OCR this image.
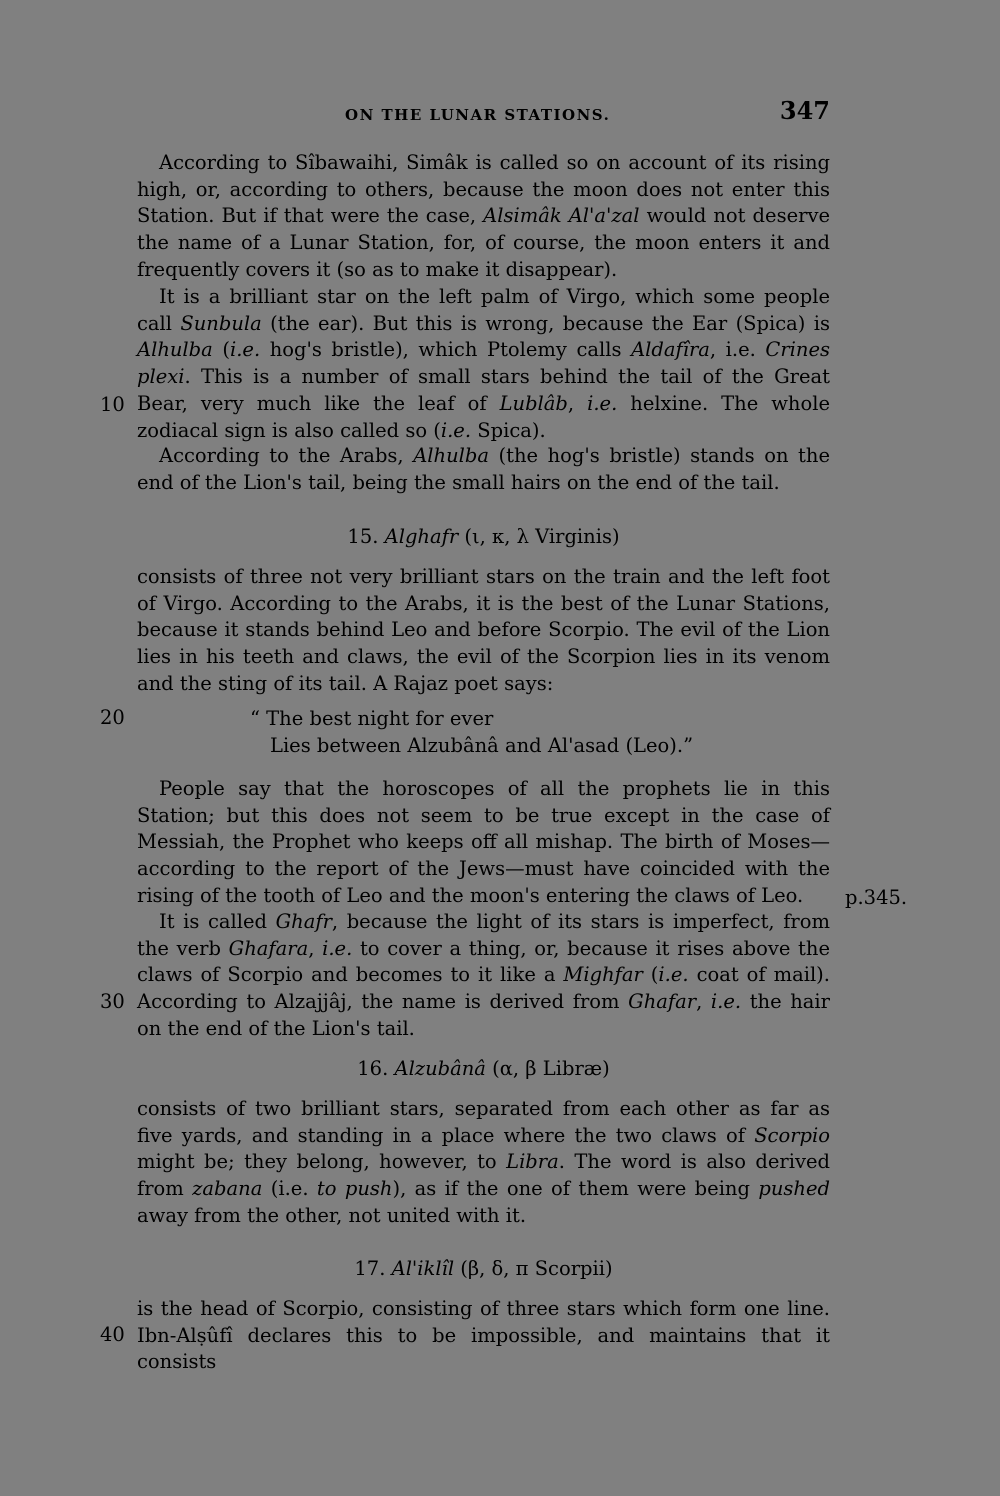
ON THE LUNAR STATIONS.	347

According to Sîbawaihi, Simâk is called so on account of its rising high, or, according to others, because the moon does not enter this Station. But if that were the case, Alsimâk Al'a'zal would not deserve the name of a Lunar Station, for, of course, the moon enters it and frequently covers it (so as to make it disappear).

It is a brilliant star on the left palm of Virgo, which some people call Sunbula (the ear). But this is wrong, because the Ear (Spica) is Alhulba (i.e. hog's bristle), which Ptolemy calls Aldafîra, i.e. Crines plexi. This is a number of small stars behind the tail of the Great Bear, very much like the leaf of Lublâb, i.e. helxine. The whole zodiacal sign is also called so (i.e. Spica).

According to the Arabs, Alhulba (the hog's bristle) stands on the end of the Lion's tail, being the small hairs on the end of the tail.

15. Alghafr (ι, κ, λ Virginis)

consists of three not very brilliant stars on the train and the left foot of Virgo. According to the Arabs, it is the best of the Lunar Stations, because it stands behind Leo and before Scorpio. The evil of the Lion lies in his teeth and claws, the evil of the Scorpion lies in its venom and the sting of its tail. A Rajaz poet says:

“ The best night for ever
Lies between Alzubânâ and Al'asad (Leo).”

People say that the horoscopes of all the prophets lie in this Station; but this does not seem to be true except in the case of Messiah, the Prophet who keeps off all mishap. The birth of Moses—according to the report of the Jews—must have coincided with the rising of the tooth of Leo and the moon's entering the claws of Leo.

It is called Ghafr, because the light of its stars is imperfect, from the verb Ghafara, i.e. to cover a thing, or, because it rises above the claws of Scorpio and becomes to it like a Mighfar (i.e. coat of mail). According to Alzajjâj, the name is derived from Ghafar, i.e. the hair on the end of the Lion's tail.

16. Alzubânâ (α, β Libræ)

consists of two brilliant stars, separated from each other as far as five yards, and standing in a place where the two claws of Scorpio might be; they belong, however, to Libra. The word is also derived from zabana (i.e. to push), as if the one of them were being pushed away from the other, not united with it.

17. Al'iklîl (β, δ, π Scorpii)

is the head of Scorpio, consisting of three stars which form one line. Ibn-Alṣûfî declares this to be impossible, and maintains that it consists

10
20
30
40
p.345.
